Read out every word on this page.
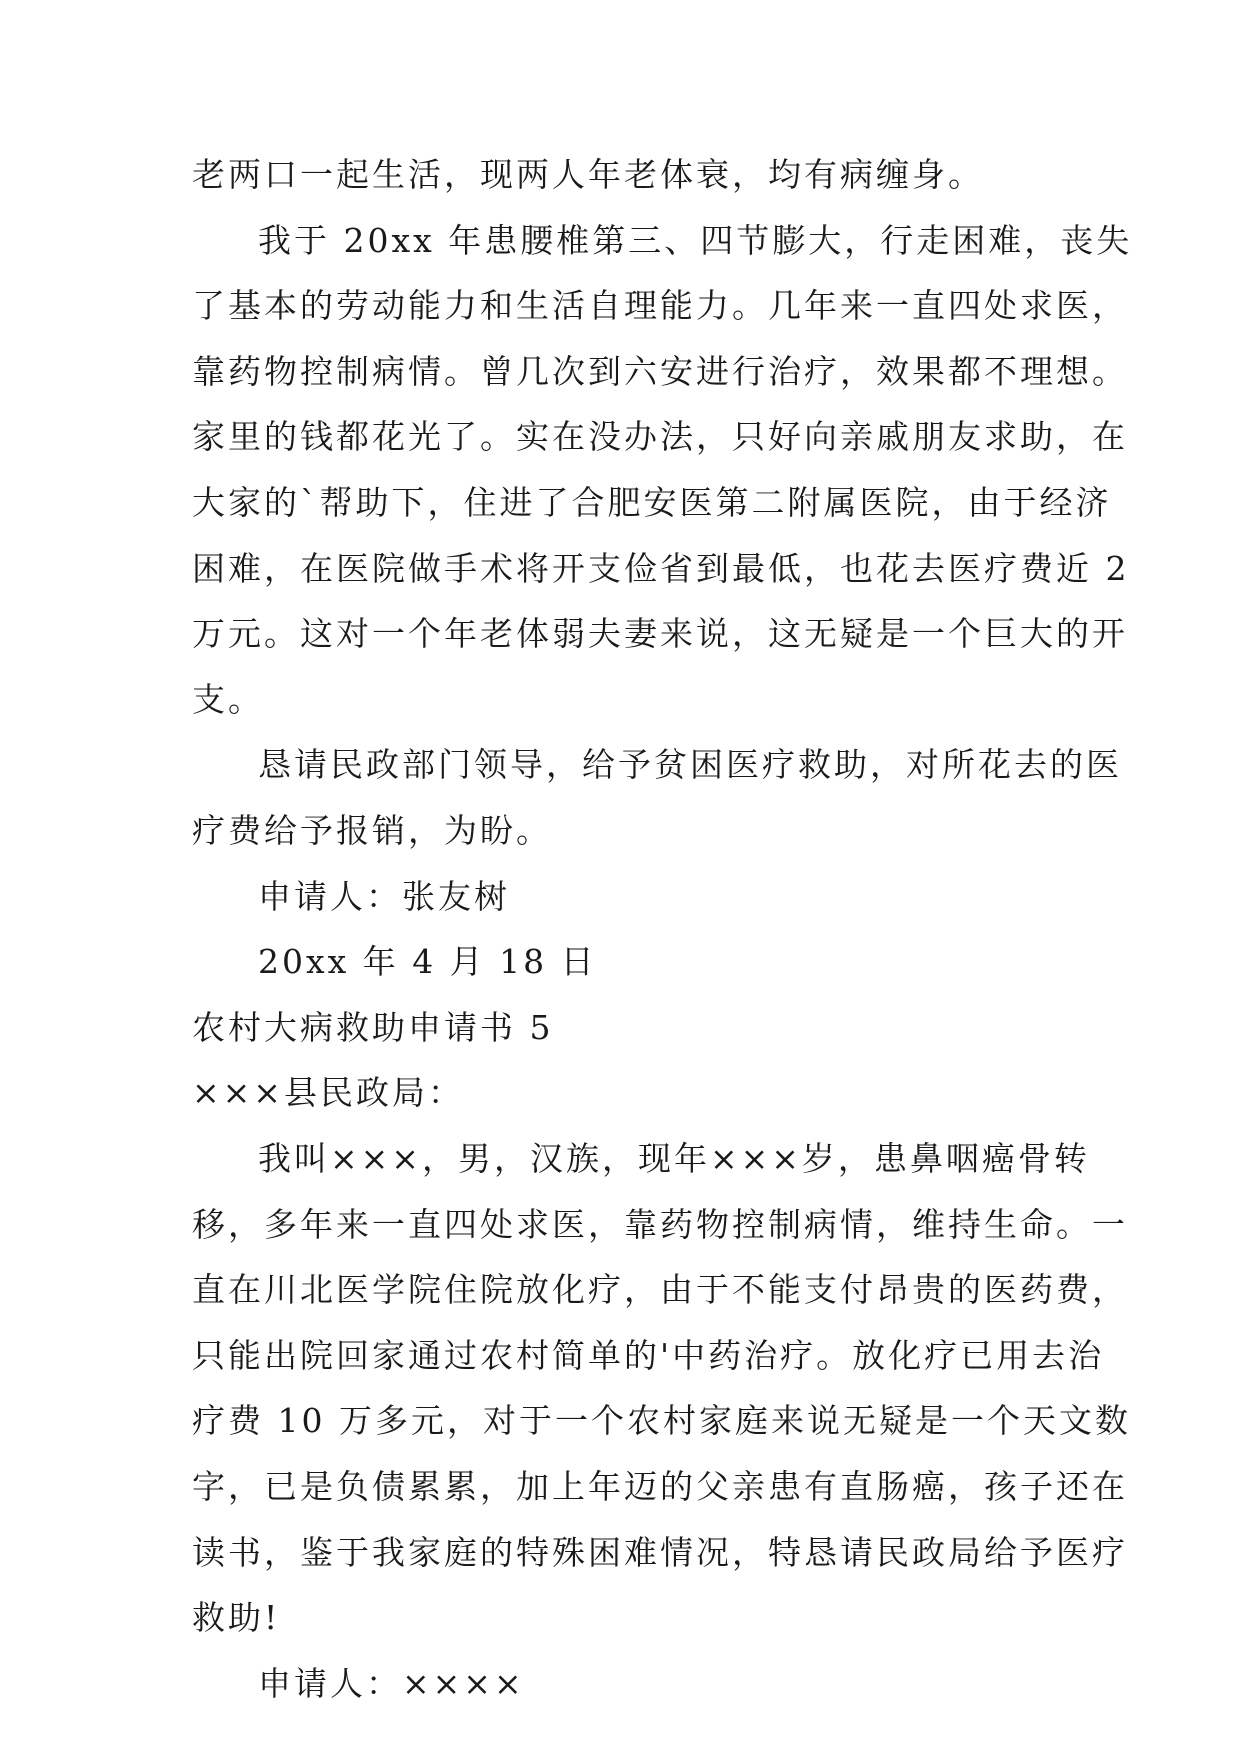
老两口一起生活，现两人年老体衰，均有病缠身。
我于 20xx 年患腰椎第三、四节膨大，行走困难，丧失
了基本的劳动能力和生活自理能力。几年来一直四处求医，
靠药物控制病情。曾几次到六安进行治疗，效果都不理想。
家里的钱都花光了。实在没办法，只好向亲戚朋友求助，在
大家的`帮助下，住进了合肥安医第二附属医院，由于经济
困难，在医院做手术将开支俭省到最低，也花去医疗费近 2
万元。这对一个年老体弱夫妻来说，这无疑是一个巨大的开
支。
恳请民政部门领导，给予贫困医疗救助，对所花去的医
疗费给予报销，为盼。
申请人：张友树
20xx 年 4 月 18 日
农村大病救助申请书 5
×××县民政局：
我叫×××，男，汉族，现年×××岁，患鼻咽癌骨转
移，多年来一直四处求医，靠药物控制病情，维持生命。一
直在川北医学院住院放化疗，由于不能支付昂贵的医药费，
只能出院回家通过农村简单的'中药治疗。放化疗已用去治
疗费 10 万多元，对于一个农村家庭来说无疑是一个天文数
字，已是负债累累，加上年迈的父亲患有直肠癌，孩子还在
读书，鉴于我家庭的特殊困难情况，特恳请民政局给予医疗
救助!
申请人：××××
